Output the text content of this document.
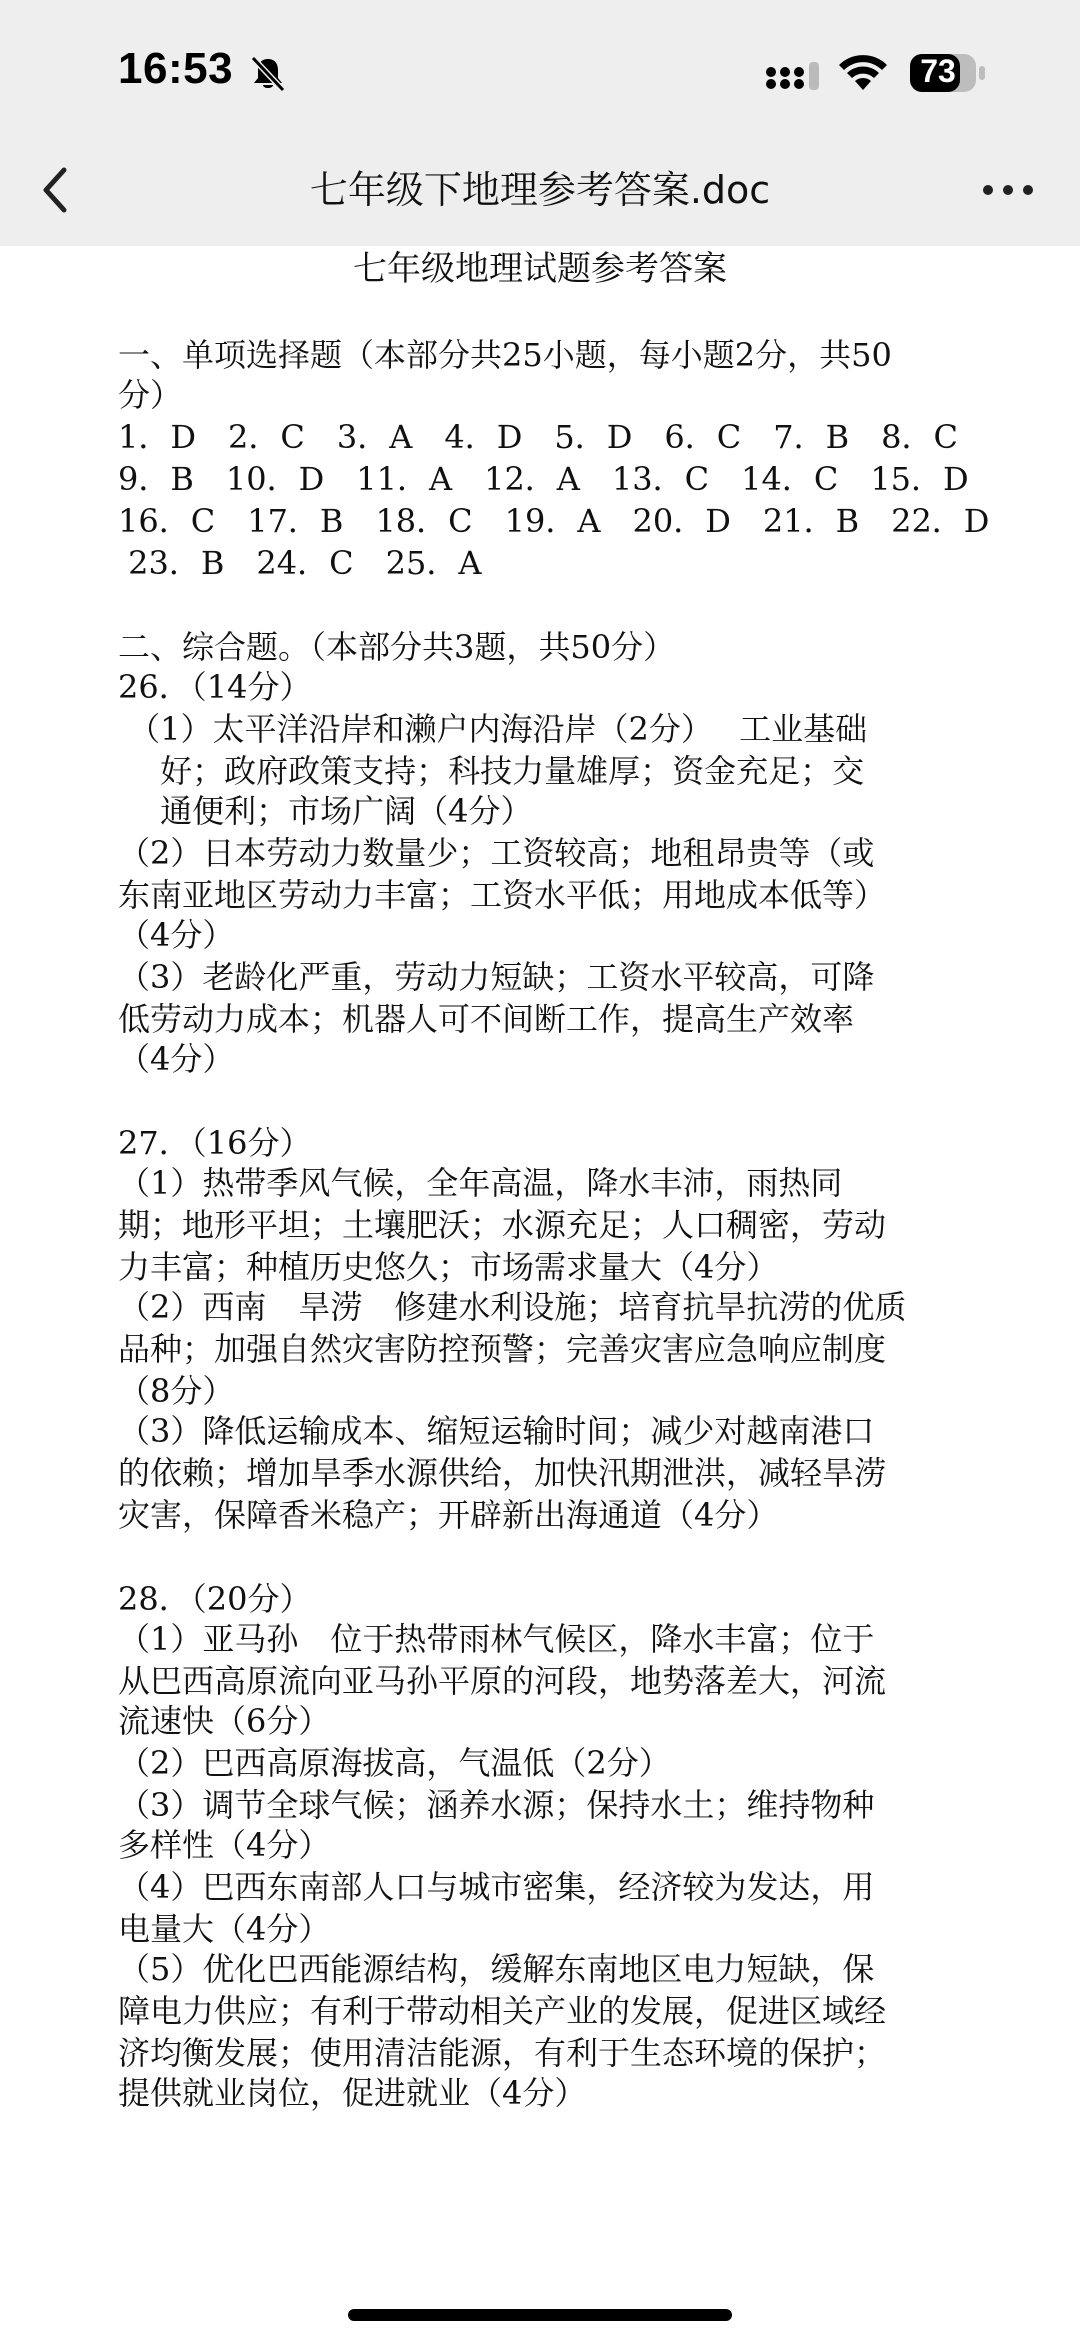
16:53	73
七年级下地理参考答案.doc
七年级地理试题参考答案
一、单项选择题（本部分共25小题，每小题2分，共50
分）
1．D　2．C　3．A　4．D　5．D　6．C　7．B　8．C
9．B　10．D　11．A　12．A　13．C　14．C　15．D
16．C　17．B　18．C　19．A　20．D　21．B　22．D
23．B　24．C　25．A
二、综合题。（本部分共3题，共50分）
26．（14分）
（1）太平洋沿岸和濑户内海沿岸（2分）　 工业基础
　 好；政府政策支持；科技力量雄厚；资金充足；交
　 通便利；市场广阔（4分）
（2）日本劳动力数量少；工资较高；地租昂贵等（或
东南亚地区劳动力丰富；工资水平低；用地成本低等）
（4分）
（3）老龄化严重，劳动力短缺；工资水平较高，可降
低劳动力成本；机器人可不间断工作，提高生产效率
（4分）
27．（16分）
（1）热带季风气候，全年高温，降水丰沛，雨热同
期；地形平坦；土壤肥沃；水源充足；人口稠密，劳动
力丰富；种植历史悠久；市场需求量大（4分）
（2）西南　旱涝　修建水利设施；培育抗旱抗涝的优质
品种；加强自然灾害防控预警；完善灾害应急响应制度
（8分）
（3）降低运输成本、缩短运输时间；减少对越南港口
的依赖；增加旱季水源供给，加快汛期泄洪，减轻旱涝
灾害，保障香米稳产；开辟新出海通道（4分）
28．（20分）
（1）亚马孙　位于热带雨林气候区，降水丰富；位于
从巴西高原流向亚马孙平原的河段，地势落差大，河流
流速快（6分）
（2）巴西高原海拔高，气温低（2分）
（3）调节全球气候；涵养水源；保持水土；维持物种
多样性（4分）
（4）巴西东南部人口与城市密集，经济较为发达，用
电量大（4分）
（5）优化巴西能源结构，缓解东南地区电力短缺，保
障电力供应；有利于带动相关产业的发展，促进区域经
济均衡发展；使用清洁能源，有利于生态环境的保护；
提供就业岗位，促进就业（4分）
